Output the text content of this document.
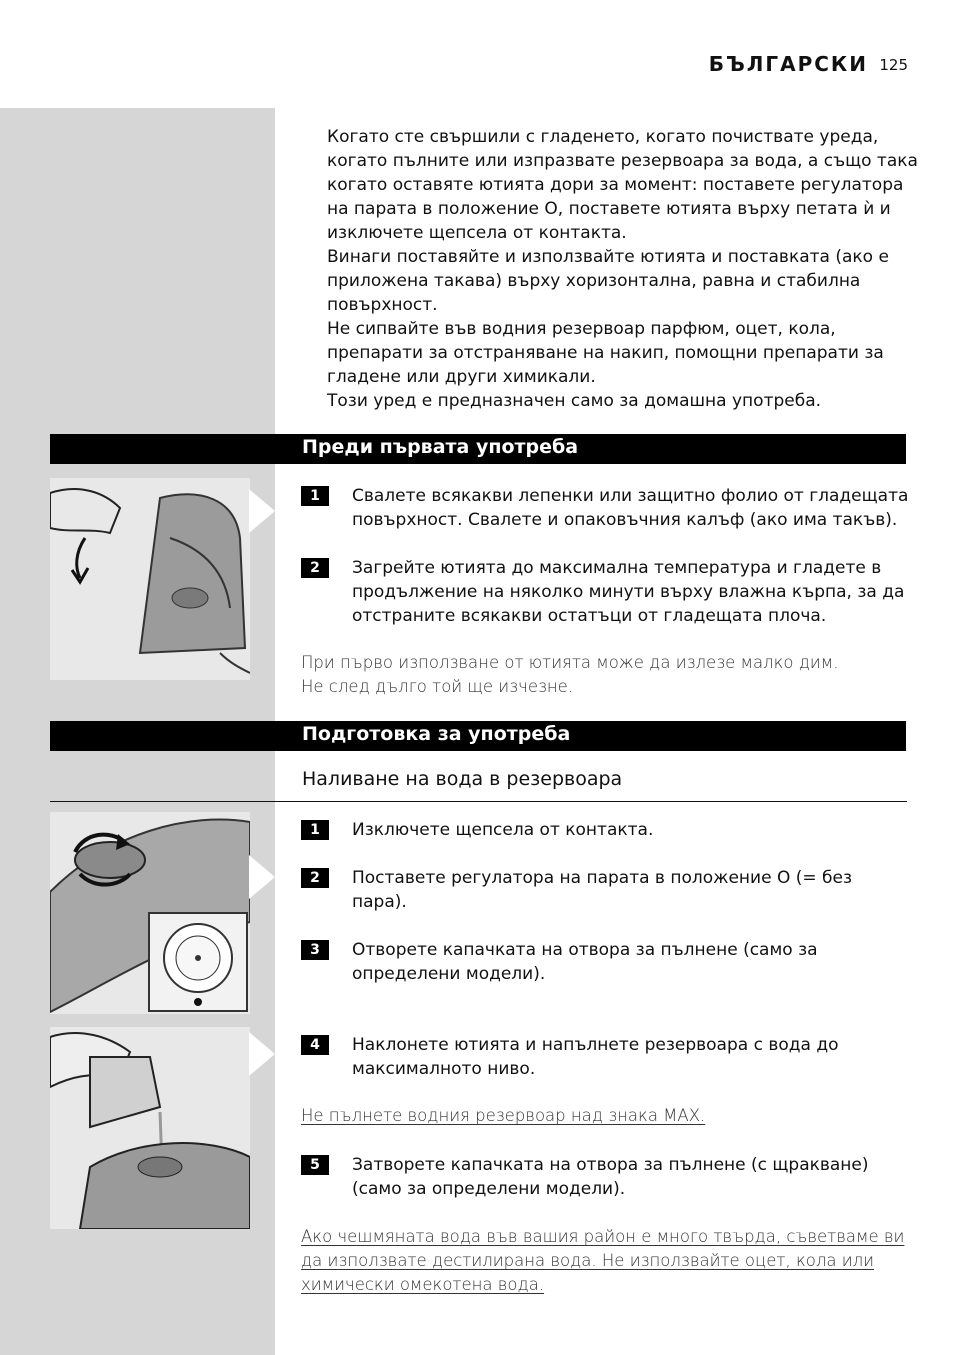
БЪЛГАРСКИ 125
Когато сте свършили с гладенето, когато почиствате уреда,
когато пълните или изпразвате резервоара за вода, а също така
когато оставяте ютията дори за момент: поставете регулатора
на парата в положение O, поставете ютията върху петата ѝ и
изключете щепсела от контакта.
Винаги поставяйте и използвайте ютията и поставката (ако е
приложена такава) върху хоризонтална, равна и стабилна
повърхност.
Не сипвайте във водния резервоар парфюм, оцет, кола,
препарати за отстраняване на накип, помощни препарати за
гладене или други химикали.
Този уред е предназначен само за домашна употреба.
Преди първата употреба
1	Свалете всякакви лепенки или защитно фолио от гладещата
повърхност. Свалете и опаковъчния калъф (ако има такъв).
2	Загрейте ютията до максимална температура и гладете в
продължение на няколко минути върху влажна кърпа, за да
отстраните всякакви остатъци от гладещата плоча.
При първо използване от ютията може да излезе малко дим.
Не след дълго той ще изчезне.
Подготовка за употреба
Наливане на вода в резервоара
1	Изключете щепсела от контакта.
2	Поставете регулатора на парата в положение O (= без
пара).
3	Отворете капачката на отвора за пълнене (само за
определени модели).
4	Наклонете ютията и напълнете резервоара с вода до
максималното ниво.
Не пълнете водния резервоар над знака MAX.
5	Затворете капачката на отвора за пълнене (с щракване)
(само за определени модели).
Ако чешмяната вода във вашия район е много твърда, съветваме ви
да използвате дестилирана вода. Не използвайте оцет, кола или
химически омекотена вода.
